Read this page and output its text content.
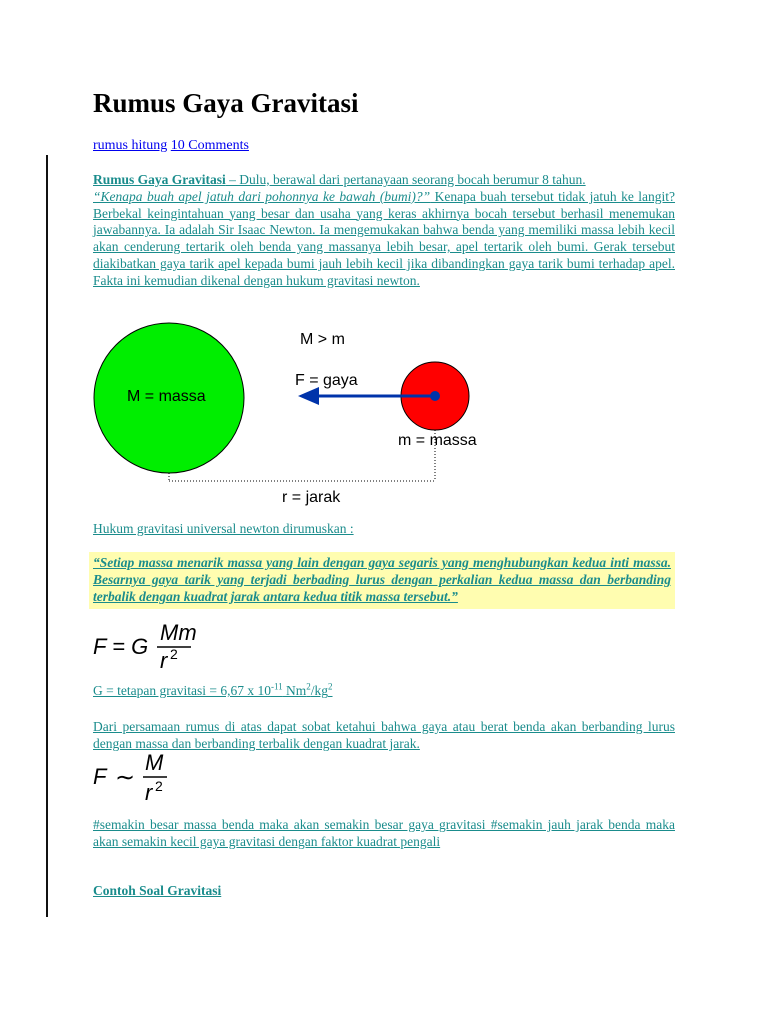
Rumus Gaya Gravitasi
rumus hitung 10 Comments
Rumus Gaya Gravitasi – Dulu, berawal dari pertanayaan seorang bocah berumur 8 tahun.
“Kenapa buah apel jatuh dari pohonnya ke bawah (bumi)?” Kenapa buah tersebut tidak jatuh ke langit? Berbekal keingintahuan yang besar dan usaha yang keras akhirnya bocah tersebut berhasil menemukan jawabannya. Ia adalah Sir Isaac Newton. Ia mengemukakan bahwa benda yang memiliki massa lebih kecil akan cenderung tertarik oleh benda yang massanya lebih besar, apel tertarik oleh bumi. Gerak tersebut diakibatkan gaya tarik apel kepada bumi jauh lebih kecil jika dibandingkan gaya tarik bumi terhadap apel. Fakta ini kemudian dikenal dengan hukum gravitasi newton.
M = massa
M > m
F = gaya
m = massa
r = jarak
Hukum gravitasi universal newton dirumuskan :
“Setiap massa menarik massa yang lain dengan gaya segaris yang menghubungkan kedua inti massa. Besarnya gaya tarik yang terjadi berbading lurus dengan perkalian kedua massa dan berbanding terbalik dengan kuadrat jarak antara kedua titik massa tersebut.”
F = G
Mm
r 2
G = tetapan gravitasi = 6,67 x $10^{-11}$ $Nm^2/kg^2$
Dari persamaan rumus di atas dapat sobat ketahui bahwa gaya atau berat benda akan berbanding lurus dengan massa dan berbanding terbalik dengan kuadrat jarak.
F ∼
M
r 2
#semakin besar massa benda maka akan semakin besar gaya gravitasi #semakin jauh jarak benda maka akan semakin kecil gaya gravitasi dengan faktor kuadrat pengali
Contoh Soal Gravitasi
